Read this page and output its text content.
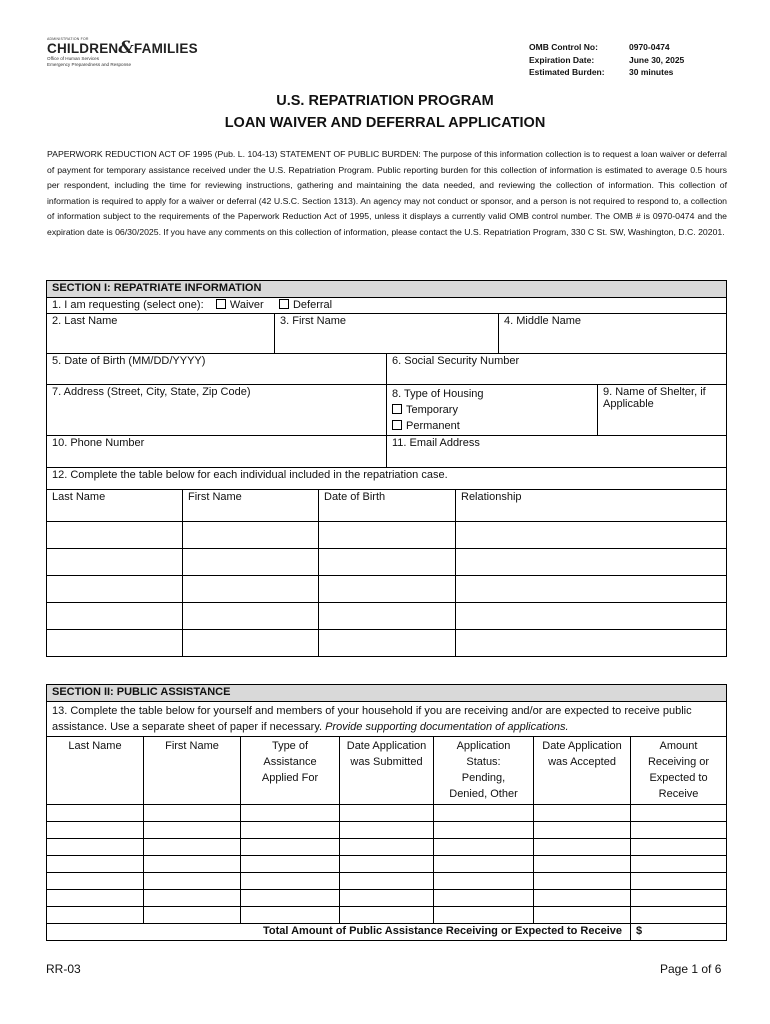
ADMINISTRATION FOR
CHILDREN&FAMILIES
Office of Human Services
Emergency Preparedness and Response
OMB Control No:	0970-0474
Expiration Date:	June 30, 2025
Estimated Burden:	30 minutes
U.S. REPATRIATION PROGRAM
LOAN WAIVER AND DEFERRAL APPLICATION
PAPERWORK REDUCTION ACT OF 1995 (Pub. L. 104-13) STATEMENT OF PUBLIC BURDEN: The purpose of this information collection is to request a loan waiver or deferral of payment for temporary assistance received under the U.S. Repatriation Program. Public reporting burden for this collection of information is estimated to average 0.5 hours per respondent, including the time for reviewing instructions, gathering and maintaining the data needed, and reviewing the collection of information. This collection of information is required to apply for a waiver or deferral (42 U.S.C. Section 1313). An agency may not conduct or sponsor, and a person is not required to respond to, a collection of information subject to the requirements of the Paperwork Reduction Act of 1995, unless it displays a currently valid OMB control number. The OMB # is 0970-0474 and the expiration date is 06/30/2025. If you have any comments on this collection of information, please contact the U.S. Repatriation Program, 330 C St. SW, Washington, D.C. 20201.
SECTION I: REPATRIATE INFORMATION							
1. I am requesting (select one): Waiver Deferral							
2. Last Name		3. First Name				4. Middle Name	
5. Date of Birth (MM/DD/YYYY)				6. Social Security Number			
7. Address (Street, City, State, Zip Code)				8. Type of Housing
Temporary
Permanent			9. Name of Shelter, if Applicable
10. Phone Number				11. Email Address			
12. Complete the table below for each individual included in the repatriation case.							
Last Name	First Name		Date of Birth		Relationship		

SECTION II: PUBLIC ASSISTANCE						
13. Complete the table below for yourself and members of your household if you are receiving and/or are expected to receive public assistance. Use a separate sheet of paper if necessary. Provide supporting documentation of applications.						
Last Name	First Name	Type of Assistance Applied For	Date Application was Submitted	Application Status: Pending, Denied, Other	Date Application was Accepted	Amount Receiving or Expected to Receive

Total Amount of Public Assistance Receiving or Expected to Receive						$
RR-03	Page 1 of 6
